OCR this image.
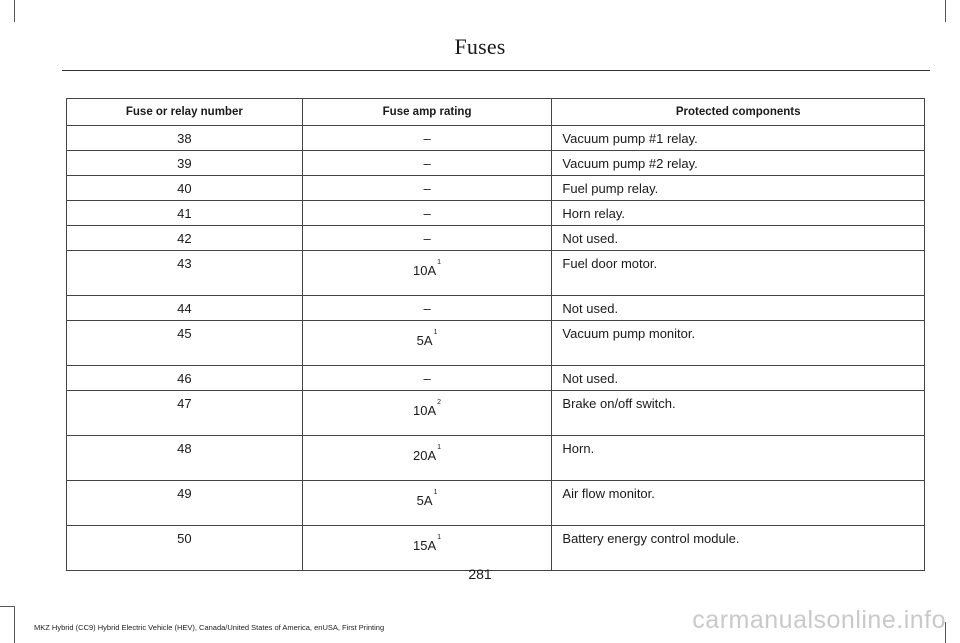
Fuses
Fuse or relay number	Fuse amp rating	Protected components
38	–	Vacuum pump #1 relay.
39	–	Vacuum pump #2 relay.
40	–	Fuel pump relay.
41	–	Horn relay.
42	–	Not used.
43	$10A^1$	Fuel door motor.
44	–	Not used.
45	$5A^1$	Vacuum pump monitor.
46	–	Not used.
47	$10A^2$	Brake on/off switch.
48	$20A^1$	Horn.
49	$5A^1$	Air flow monitor.
50	$15A^1$	Battery energy control module.
281
MKZ Hybrid (CC9) Hybrid Electric Vehicle (HEV), Canada/United States of America, enUSA, First Printing	carmanualsonline.info
